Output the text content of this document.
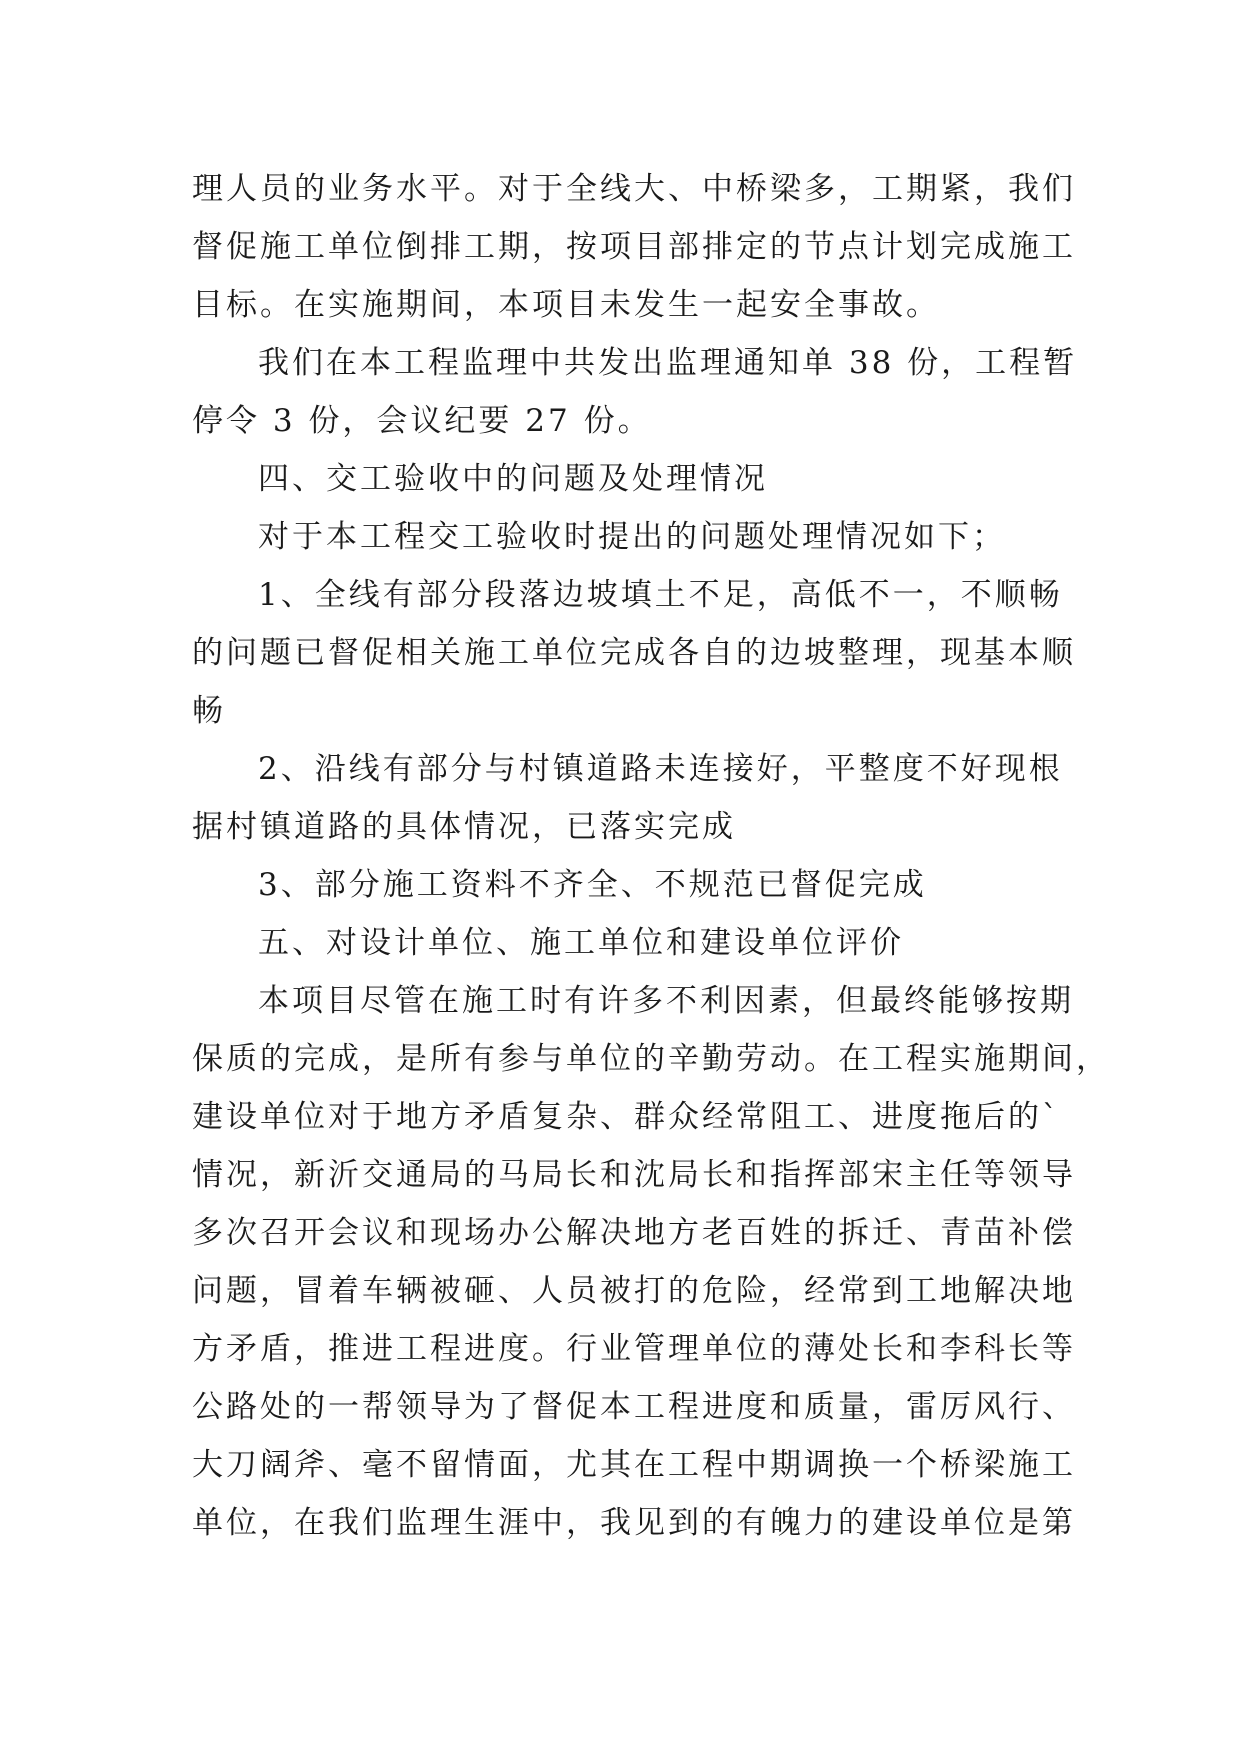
理人员的业务水平。对于全线大、中桥梁多，工期紧，我们
督促施工单位倒排工期，按项目部排定的节点计划完成施工
目标。在实施期间，本项目未发生一起安全事故。
我们在本工程监理中共发出监理通知单 38 份，工程暂
停令 3 份，会议纪要 27 份。
四、交工验收中的问题及处理情况
对于本工程交工验收时提出的问题处理情况如下；
1、全线有部分段落边坡填土不足，高低不一，不顺畅
的问题已督促相关施工单位完成各自的边坡整理，现基本顺
畅
2、沿线有部分与村镇道路未连接好，平整度不好现根
据村镇道路的具体情况，已落实完成
3、部分施工资料不齐全、不规范已督促完成
五、对设计单位、施工单位和建设单位评价
本项目尽管在施工时有许多不利因素，但最终能够按期
保质的完成，是所有参与单位的辛勤劳动。在工程实施期间，
建设单位对于地方矛盾复杂、群众经常阻工、进度拖后的`
情况，新沂交通局的马局长和沈局长和指挥部宋主任等领导
多次召开会议和现场办公解决地方老百姓的拆迁、青苗补偿
问题，冒着车辆被砸、人员被打的危险，经常到工地解决地
方矛盾，推进工程进度。行业管理单位的薄处长和李科长等
公路处的一帮领导为了督促本工程进度和质量，雷厉风行、
大刀阔斧、毫不留情面，尤其在工程中期调换一个桥梁施工
单位，在我们监理生涯中，我见到的有魄力的建设单位是第
